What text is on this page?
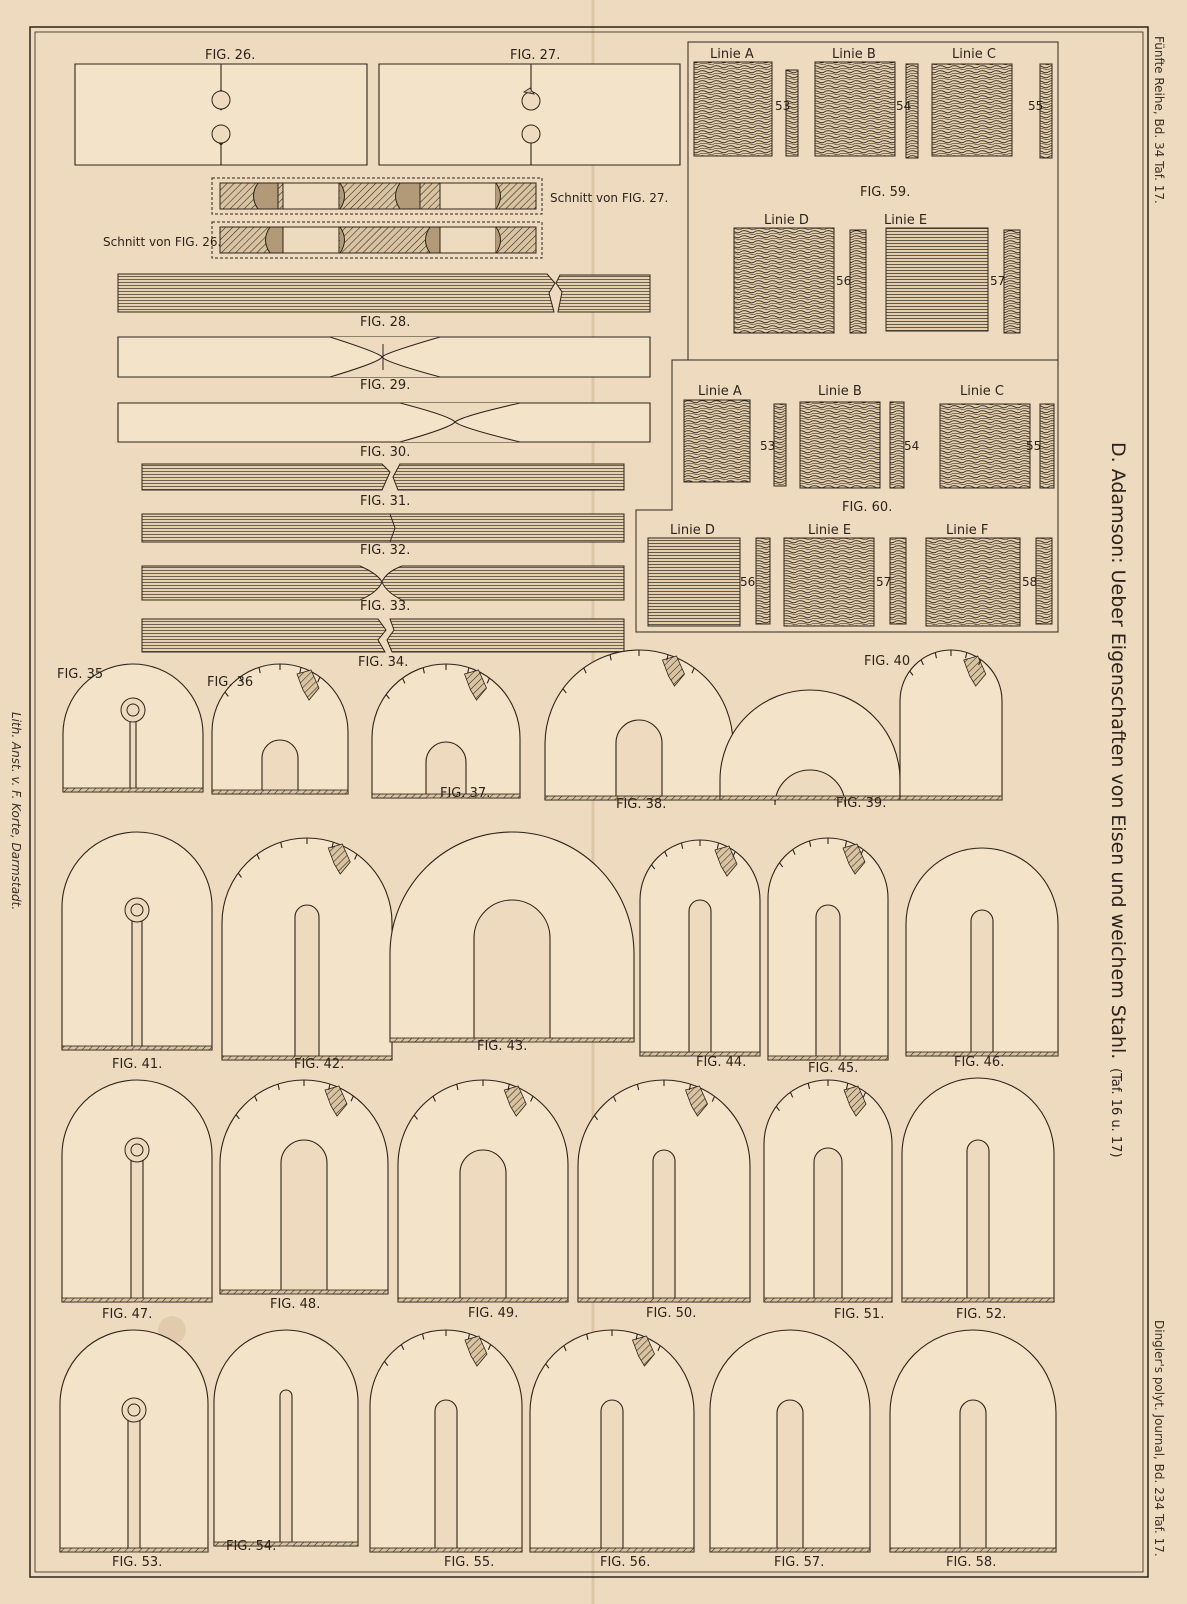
Fünfte Reihe, Bd. 34 Taf. 17.
Dingler's polyt. Journal, Bd. 234 Taf. 17.
Lith. Anst. v. F. Korte, Darmstadt.	D. Adamson: Ueber Eigenschaften von Eisen und weichem Stahl.
(Taf. 16 u. 17)
FIG. 26.	FIG. 27.
Schnitt von FIG. 27.
Schnitt von FIG. 26.
FIG. 28.
FIG. 29.
FIG. 30.
FIG. 31.
FIG. 32.
FIG. 33.
FIG. 34.
Linie A	Linie B	Linie C
53	54	55
FIG. 59.
Linie D	Linie E
56	57
Linie A	Linie B	Linie C
53	54	55
FIG. 60.
Linie D	Linie E	Linie F
56	57	58
FIG. 35
FIG. 36
FIG. 37.
FIG. 38.	FIG. 39.
FIG. 40
FIG. 41.	FIG. 42.
FIG. 43.
FIG. 44.	FIG. 45.	FIG. 46.
FIG. 47.
FIG. 48.
FIG. 49.	FIG. 50.	FIG. 51.	FIG. 52.
FIG. 53.
FIG. 54.
FIG. 55.	FIG. 56.	FIG. 57.	FIG. 58.
